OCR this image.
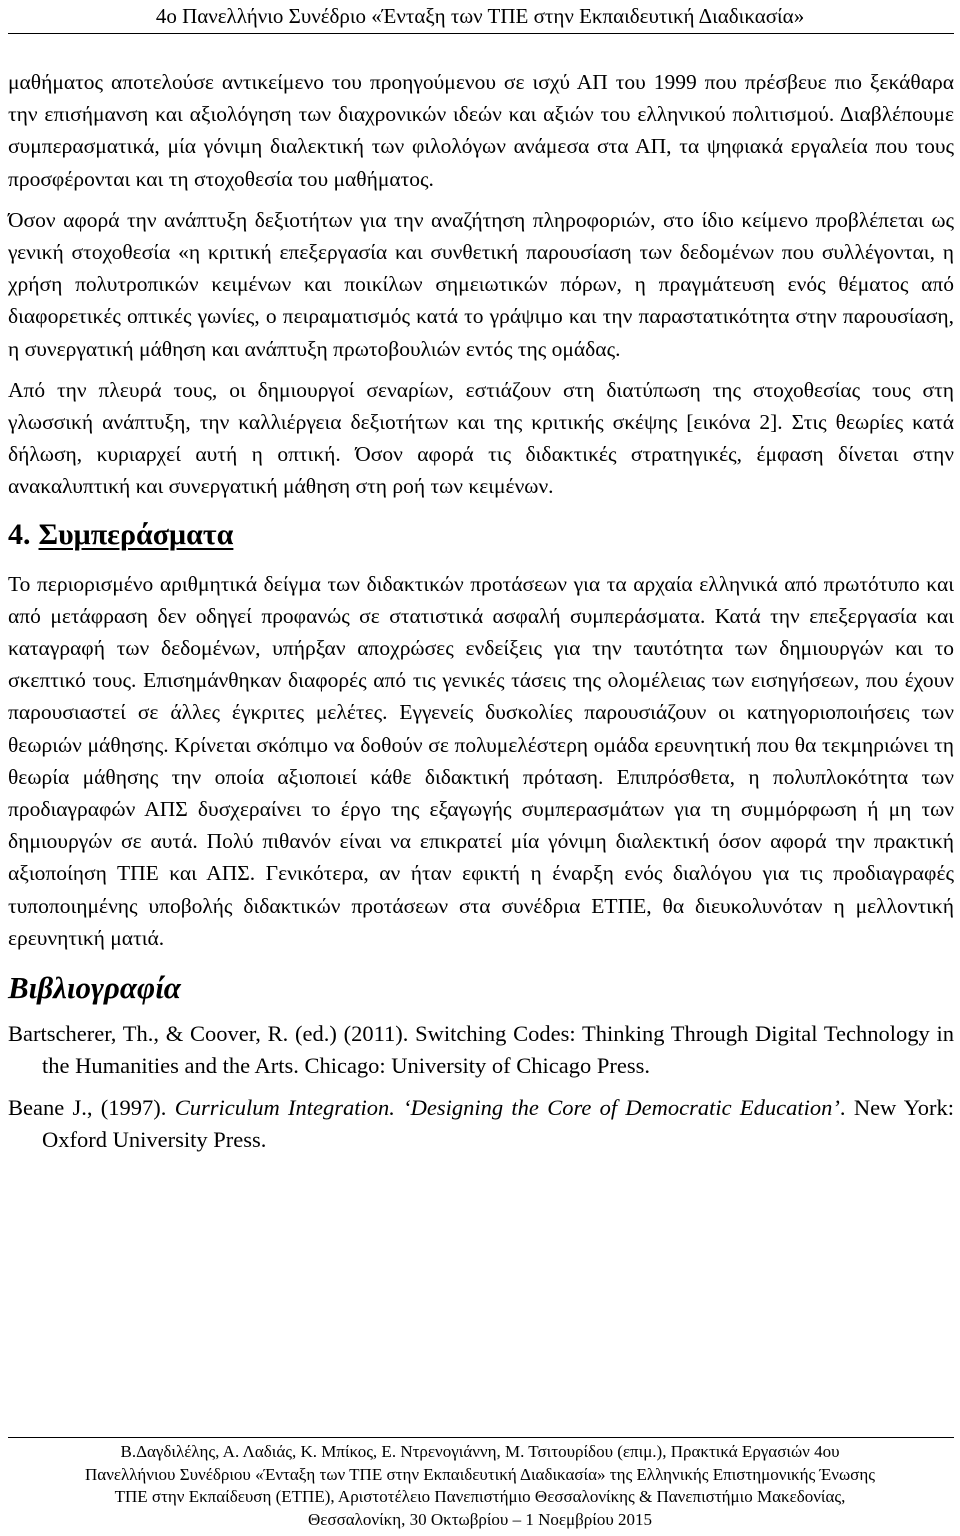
4ο Πανελλήνιο Συνέδριο «Ένταξη των ΤΠΕ στην Εκπαιδευτική Διαδικασία»

μαθήματος αποτελούσε αντικείμενο του προηγούμενου σε ισχύ ΑΠ του 1999 που πρέσβευε πιο ξεκάθαρα την επισήμανση και αξιολόγηση των διαχρονικών ιδεών και αξιών του ελληνικού πολιτισμού. Διαβλέπουμε συμπερασματικά, μία γόνιμη διαλεκτική των φιλολόγων ανάμεσα στα ΑΠ, τα ψηφιακά εργαλεία που τους προσφέρονται και τη στοχοθεσία του μαθήματος.

Όσον αφορά την ανάπτυξη δεξιοτήτων για την αναζήτηση πληροφοριών, στο ίδιο κείμενο προβλέπεται ως γενική στοχοθεσία «η κριτική επεξεργασία και συνθετική παρουσίαση των δεδομένων που συλλέγονται, η χρήση πολυτροπικών κειμένων και ποικίλων σημειωτικών πόρων, η πραγμάτευση ενός θέματος από διαφορετικές οπτικές γωνίες, ο πειραματισμός κατά το γράψιμο και την παραστατικότητα στην παρουσίαση, η συνεργατική μάθηση και ανάπτυξη πρωτοβουλιών εντός της ομάδας.

Από την πλευρά τους, οι δημιουργοί σεναρίων, εστιάζουν στη διατύπωση της στοχοθεσίας τους στη γλωσσική ανάπτυξη, την καλλιέργεια δεξιοτήτων και της κριτικής σκέψης [εικόνα 2]. Στις θεωρίες κατά δήλωση, κυριαρχεί αυτή η οπτική. Όσον αφορά τις διδακτικές στρατηγικές, έμφαση δίνεται στην ανακαλυπτική και συνεργατική μάθηση στη ροή των κειμένων.

4. Συμπεράσματα

Το περιορισμένο αριθμητικά δείγμα των διδακτικών προτάσεων για τα αρχαία ελληνικά από πρωτότυπο και από μετάφραση δεν οδηγεί προφανώς σε στατιστικά ασφαλή συμπεράσματα. Κατά την επεξεργασία και καταγραφή των δεδομένων, υπήρξαν αποχρώσες ενδείξεις για την ταυτότητα των δημιουργών και το σκεπτικό τους. Επισημάνθηκαν διαφορές από τις γενικές τάσεις της ολομέλειας των εισηγήσεων, που έχουν παρουσιαστεί σε άλλες έγκριτες μελέτες. Εγγενείς δυσκολίες παρουσιάζουν οι κατηγοριοποιήσεις των θεωριών μάθησης. Κρίνεται σκόπιμο να δοθούν σε πολυμελέστερη ομάδα ερευνητική που θα τεκμηριώνει τη θεωρία μάθησης την οποία αξιοποιεί κάθε διδακτική πρόταση. Επιπρόσθετα, η πολυπλοκότητα των προδιαγραφών ΑΠΣ δυσχεραίνει το έργο της εξαγωγής συμπερασμάτων για τη συμμόρφωση ή μη των δημιουργών σε αυτά. Πολύ πιθανόν είναι να επικρατεί μία γόνιμη διαλεκτική όσον αφορά την πρακτική αξιοποίηση ΤΠΕ και ΑΠΣ. Γενικότερα, αν ήταν εφικτή η έναρξη ενός διαλόγου για τις προδιαγραφές τυποποιημένης υποβολής διδακτικών προτάσεων στα συνέδρια ΕΤΠΕ, θα διευκολυνόταν η μελλοντική ερευνητική ματιά.

Βιβλιογραφία
Bartscherer, Th., & Coover, R. (ed.) (2011). Switching Codes: Thinking Through Digital Technology in the Humanities and the Arts. Chicago: University of Chicago Press.
Beane J., (1997). Curriculum Integration. ‘Designing the Core of Democratic Education’. New York: Oxford University Press.
Β.Δαγδιλέλης, Α. Λαδιάς, Κ. Μπίκος, Ε. Ντρενογιάννη, Μ. Τσιτουρίδου (επιμ.), Πρακτικά Εργασιών 4ου
Πανελλήνιου Συνέδριου «Ένταξη των ΤΠΕ στην Εκπαιδευτική Διαδικασία» της Ελληνικής Επιστημονικής Ένωσης
ΤΠΕ στην Εκπαίδευση (ΕΤΠΕ), Αριστοτέλειο Πανεπιστήμιο Θεσσαλονίκης & Πανεπιστήμιο Μακεδονίας,
Θεσσαλονίκη, 30 Οκτωβρίου – 1 Νοεμβρίου 2015
